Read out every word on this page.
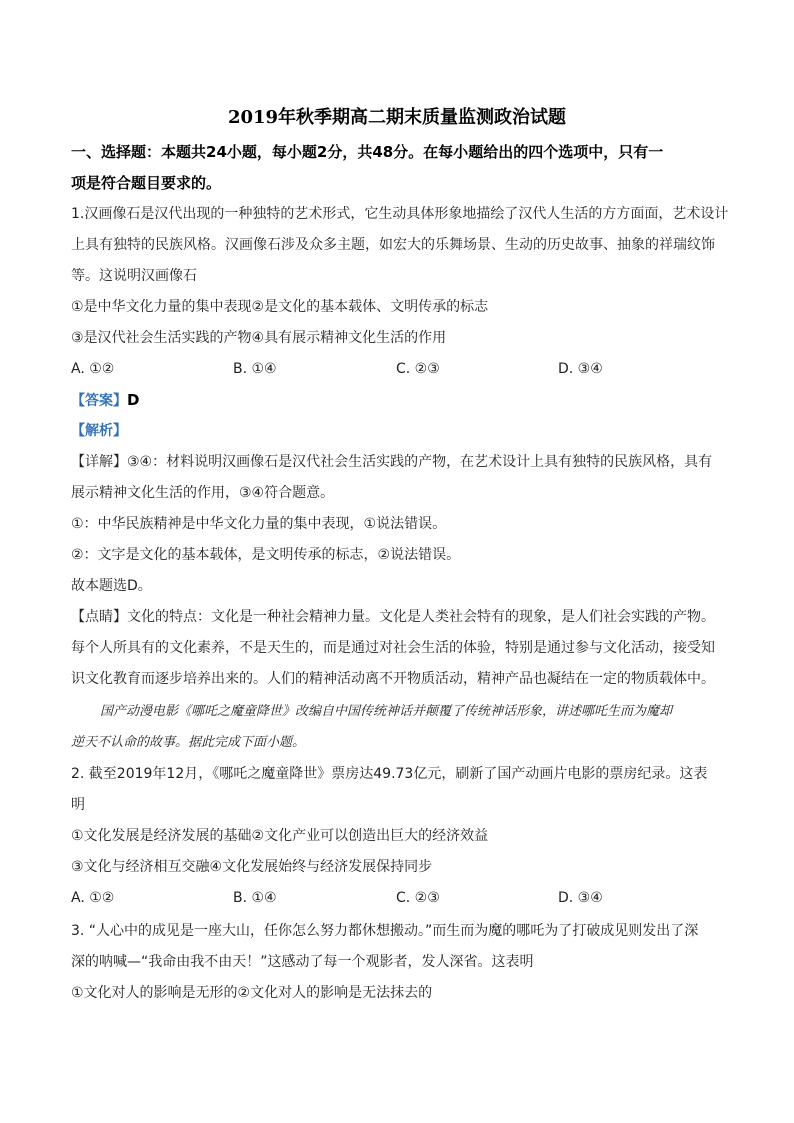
2019年秋季期高二期末质量监测政治试题
一、选择题：本题共24小题，每小题2分，共48分。在每小题给出的四个选项中，只有一
项是符合题目要求的。
1.汉画像石是汉代出现的一种独特的艺术形式，它生动具体形象地描绘了汉代人生活的方方面面，艺术设计
上具有独特的民族风格。汉画像石涉及众多主题，如宏大的乐舞场景、生动的历史故事、抽象的祥瑞纹饰
等。这说明汉画像石
①是中华文化力量的集中表现②是文化的基本载体、文明传承的标志
③是汉代社会生活实践的产物④具有展示精神文化生活的作用
A. ①②	B. ①④	C. ②③	D. ③④
【答案】D
【解析】
【详解】③④：材料说明汉画像石是汉代社会生活实践的产物，在艺术设计上具有独特的民族风格，具有
展示精神文化生活的作用，③④符合题意。
①：中华民族精神是中华文化力量的集中表现，①说法错误。
②：文字是文化的基本载体，是文明传承的标志，②说法错误。
故本题选D。
【点睛】文化的特点：文化是一种社会精神力量。文化是人类社会特有的现象，是人们社会实践的产物。
每个人所具有的文化素养，不是天生的，而是通过对社会生活的体验，特别是通过参与文化活动，接受知
识文化教育而逐步培养出来的。人们的精神活动离不开物质活动，精神产品也凝结在一定的物质载体中。
国产动漫电影《哪吒之魔童降世》改编自中国传统神话并颠覆了传统神话形象，讲述哪吒生而为魔却
逆天不认命的故事。据此完成下面小题。
2. 截至2019年12月，《哪吒之魔童降世》票房达49.73亿元，刷新了国产动画片电影的票房纪录。这表
明
①文化发展是经济发展的基础②文化产业可以创造出巨大的经济效益
③文化与经济相互交融④文化发展始终与经济发展保持同步
A. ①②	B. ①④	C. ②③	D. ③④
3. “人心中的成见是一座大山，任你怎么努力都休想搬动。”而生而为魔的哪吒为了打破成见则发出了深
深的呐喊—“我命由我不由天！”这感动了每一个观影者，发人深省。这表明
①文化对人的影响是无形的②文化对人的影响是无法抹去的
